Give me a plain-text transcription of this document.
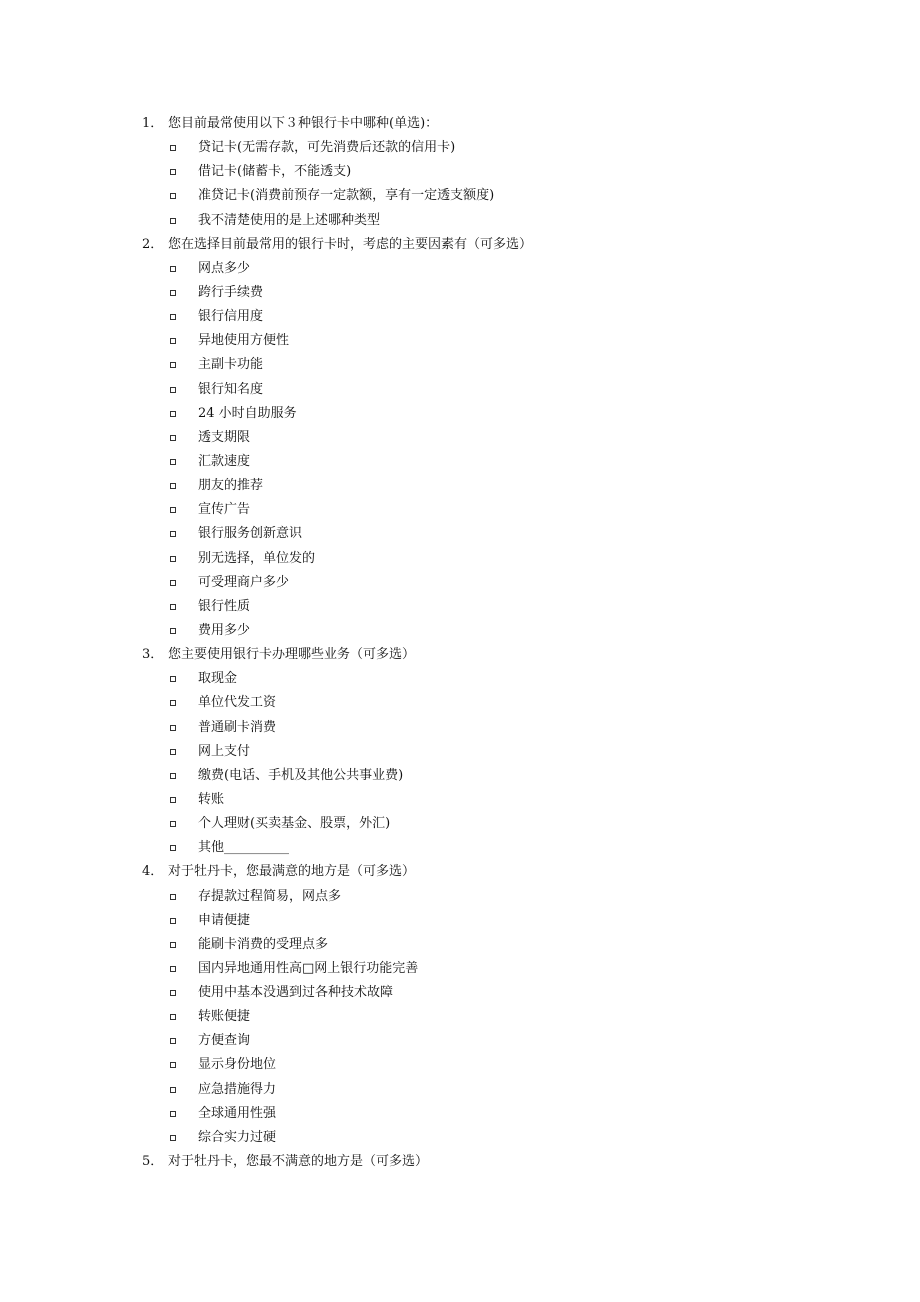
1． 您目前最常使用以下３种银行卡中哪种(单选)：
贷记卡(无需存款，可先消费后还款的信用卡)
借记卡(储蓄卡，不能透支)
准贷记卡(消费前预存一定款额，享有一定透支额度)
我不清楚使用的是上述哪种类型
2． 您在选择目前最常用的银行卡时，考虑的主要因素有（可多选）
网点多少
跨行手续费
银行信用度
异地使用方便性
主副卡功能
银行知名度
24 小时自助服务
透支期限
汇款速度
朋友的推荐
宣传广告
银行服务创新意识
别无选择，单位发的
可受理商户多少
银行性质
费用多少
3． 您主要使用银行卡办理哪些业务（可多选）
取现金
单位代发工资
普通刷卡消费
网上支付
缴费(电话、手机及其他公共事业费)
转账
个人理财(买卖基金、股票，外汇)
其他__________
4． 对于牡丹卡，您最满意的地方是（可多选）
存提款过程简易，网点多
申请便捷
能刷卡消费的受理点多
国内异地通用性高□网上银行功能完善
使用中基本没遇到过各种技术故障
转账便捷
方便查询
显示身份地位
应急措施得力
全球通用性强
综合实力过硬
5． 对于牡丹卡，您最不满意的地方是（可多选）
